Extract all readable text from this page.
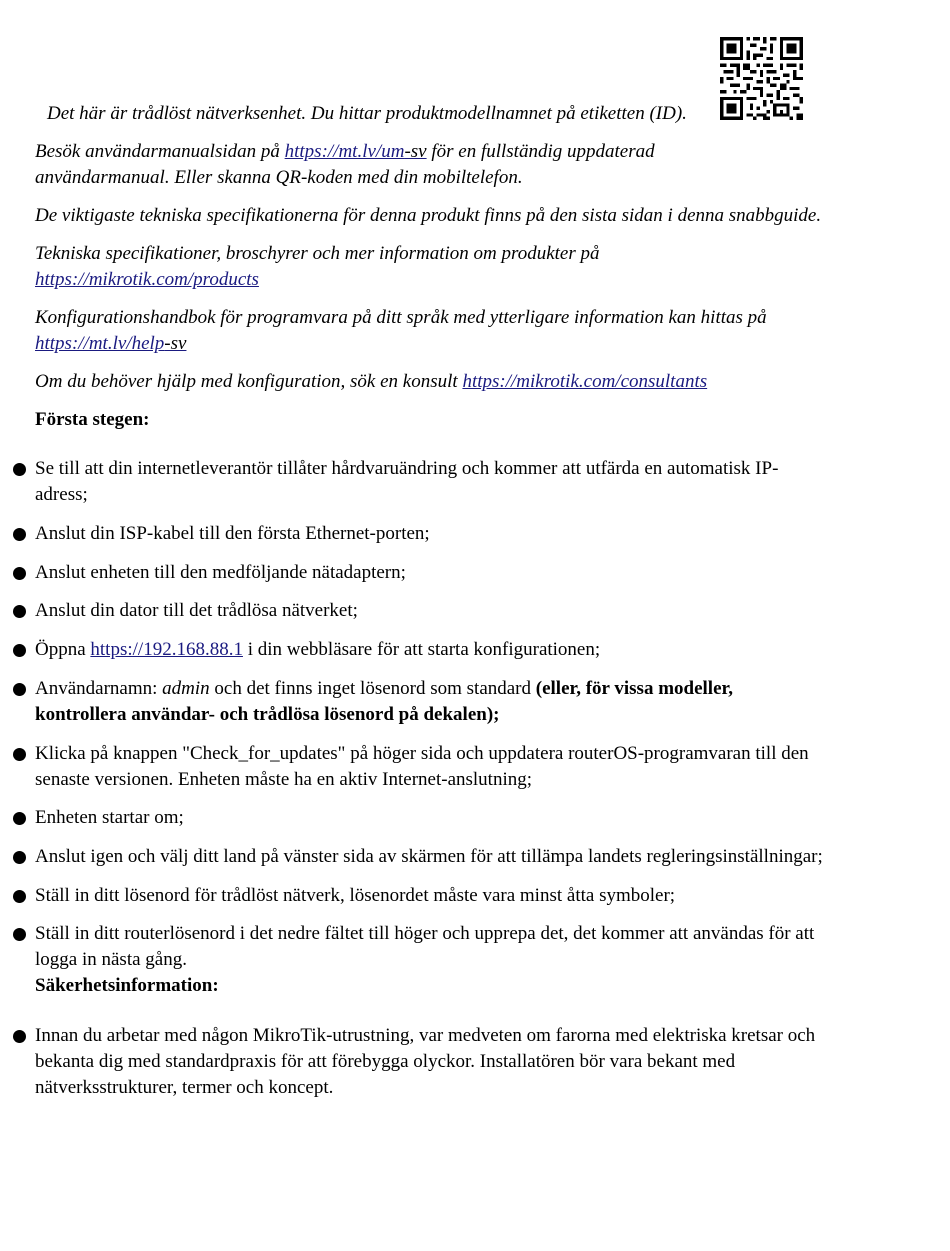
Det här är trådlöst nätverksenhet. Du hittar produktmodellnamnet på etiketten (ID).
Besök användarmanualsidan på https://mt.lv/um-sv för en fullständig uppdaterad användarmanual. Eller skanna QR-koden med din mobiltelefon.
De viktigaste tekniska specifikationerna för denna produkt finns på den sista sidan i denna snabbguide.
Tekniska specifikationer, broschyrer och mer information om produkter på https://mikrotik.com/products
Konfigurationshandbok för programvara på ditt språk med ytterligare information kan hittas på https://mt.lv/help-sv
Om du behöver hjälp med konfiguration, sök en konsult https://mikrotik.com/consultants
Första stegen:
Se till att din internetleverantör tillåter hårdvaruändring och kommer att utfärda en automatisk IP-adress;
Anslut din ISP-kabel till den första Ethernet-porten;
Anslut enheten till den medföljande nätadaptern;
Anslut din dator till det trådlösa nätverket;
Öppna https://192.168.88.1 i din webbläsare för att starta konfigurationen;
Användarnamn: admin och det finns inget lösenord som standard (eller, för vissa modeller, kontrollera användar- och trådlösa lösenord på dekalen);
Klicka på knappen "Check_for_updates" på höger sida och uppdatera routerOS-programvaran till den senaste versionen. Enheten måste ha en aktiv Internet-anslutning;
Enheten startar om;
Anslut igen och välj ditt land på vänster sida av skärmen för att tillämpa landets regleringsinställningar;
Ställ in ditt lösenord för trådlöst nätverk, lösenordet måste vara minst åtta symboler;
Ställ in ditt routerlösenord i det nedre fältet till höger och upprepa det, det kommer att användas för att logga in nästa gång.
Säkerhetsinformation:
Innan du arbetar med någon MikroTik-utrustning, var medveten om farorna med elektriska kretsar och bekanta dig med standardpraxis för att förebygga olyckor. Installatören bör vara bekant med nätverksstrukturer, termer och koncept.
